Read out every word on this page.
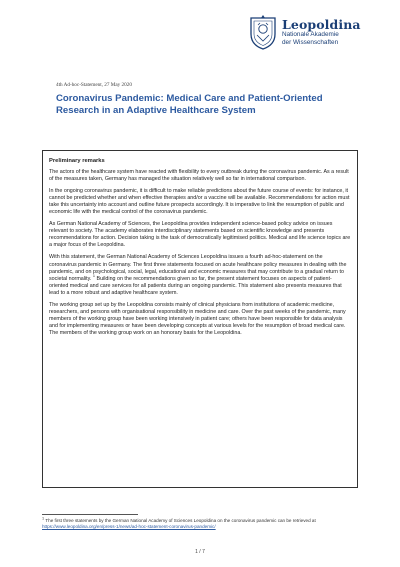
Leopoldina
Nationale Akademie
der Wissenschaften
4th Ad-hoc-Statement, 27 May 2020
Coronavirus Pandemic: Medical Care and Patient-Oriented Research in an Adaptive Healthcare System
Preliminary remarks

The actors of the healthcare system have reacted with flexibility to every outbreak during the coronavirus pandemic. As a result of the measures taken, Germany has managed the situation relatively well so far in international comparison.

In the ongoing coronavirus pandemic, it is difficult to make reliable predictions about the future course of events: for instance, it cannot be predicted whether and when effective therapies and/or a vaccine will be available. Recommendations for action must take this uncertainty into account and outline future prospects accordingly. It is imperative to link the resumption of public and economic life with the medical control of the coronavirus pandemic.

As German National Academy of Sciences, the Leopoldina provides independent science-based policy advice on issues relevant to society. The academy elaborates interdisciplinary statements based on scientific knowledge and presents recommendations for action. Decision taking is the task of democratically legitimised politics. Medical and life science topics are a major focus of the Leopoldina.

With this statement, the German National Academy of Sciences Leopoldina issues a fourth ad-hoc-statement on the coronavirus pandemic in Germany. The first three statements focused on acute healthcare policy measures in dealing with the pandemic, and on psychological, social, legal, educational and economic measures that may contribute to a gradual return to societal normality. $^1$ Building on the recommendations given so far, the present statement focuses on aspects of patient-oriented medical and care services for all patients during an ongoing pandemic. This statement also presents measures that lead to a more robust and adaptive healthcare system.

The working group set up by the Leopoldina consists mainly of clinical physicians from institutions of academic medicine, researchers, and persons with organisational responsibility in medicine and care. Over the past weeks of the pandemic, many members of the working group have been working intensively in patient care; others have been responsible for data analysis and for implementing measures or have been developing concepts at various levels for the resumption of broad medical care. The members of the working group work on an honorary basis for the Leopoldina.

$^1$ The first three statements by the German National Academy of Sciences Leopoldina on the coronavirus pandemic can be retrieved at https://www.leopoldina.org/en/press-1/news/ad-hoc-statement-coronavirus-pandemic/
1 / 7
